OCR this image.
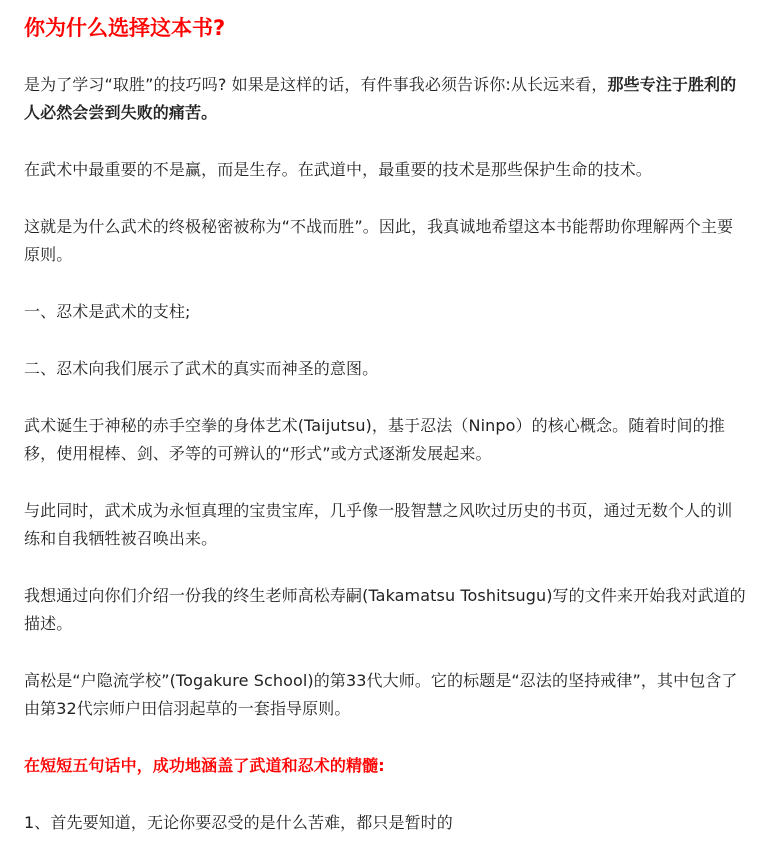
你为什么选择这本书?

是为了学习“取胜”的技巧吗? 如果是这样的话，有件事我必须告诉你:从长远来看，那些专注于胜利的人必然会尝到失败的痛苦。

在武术中最重要的不是赢，而是生存。在武道中，最重要的技术是那些保护生命的技术。

这就是为什么武术的终极秘密被称为“不战而胜”。因此，我真诚地希望这本书能帮助你理解两个主要原则。

一、忍术是武术的支柱;

二、忍术向我们展示了武术的真实而神圣的意图。

武术诞生于神秘的赤手空拳的身体艺术(Taijutsu)，基于忍法（Ninpo）的核心概念。随着时间的推移，使用棍棒、剑、矛等的可辨认的“形式”或方式逐渐发展起来。

与此同时，武术成为永恒真理的宝贵宝库，几乎像一股智慧之风吹过历史的书页，通过无数个人的训练和自我牺牲被召唤出来。

我想通过向你们介绍一份我的终生老师高松寿嗣(Takamatsu Toshitsugu)写的文件来开始我对武道的描述。

高松是“户隐流学校”(Togakure School)的第33代大师。它的标题是“忍法的坚持戒律”，其中包含了由第32代宗师户田信羽起草的一套指导原则。

在短短五句话中，成功地涵盖了武道和忍术的精髓:

1、首先要知道，无论你要忍受的是什么苦难，都只是暂时的
